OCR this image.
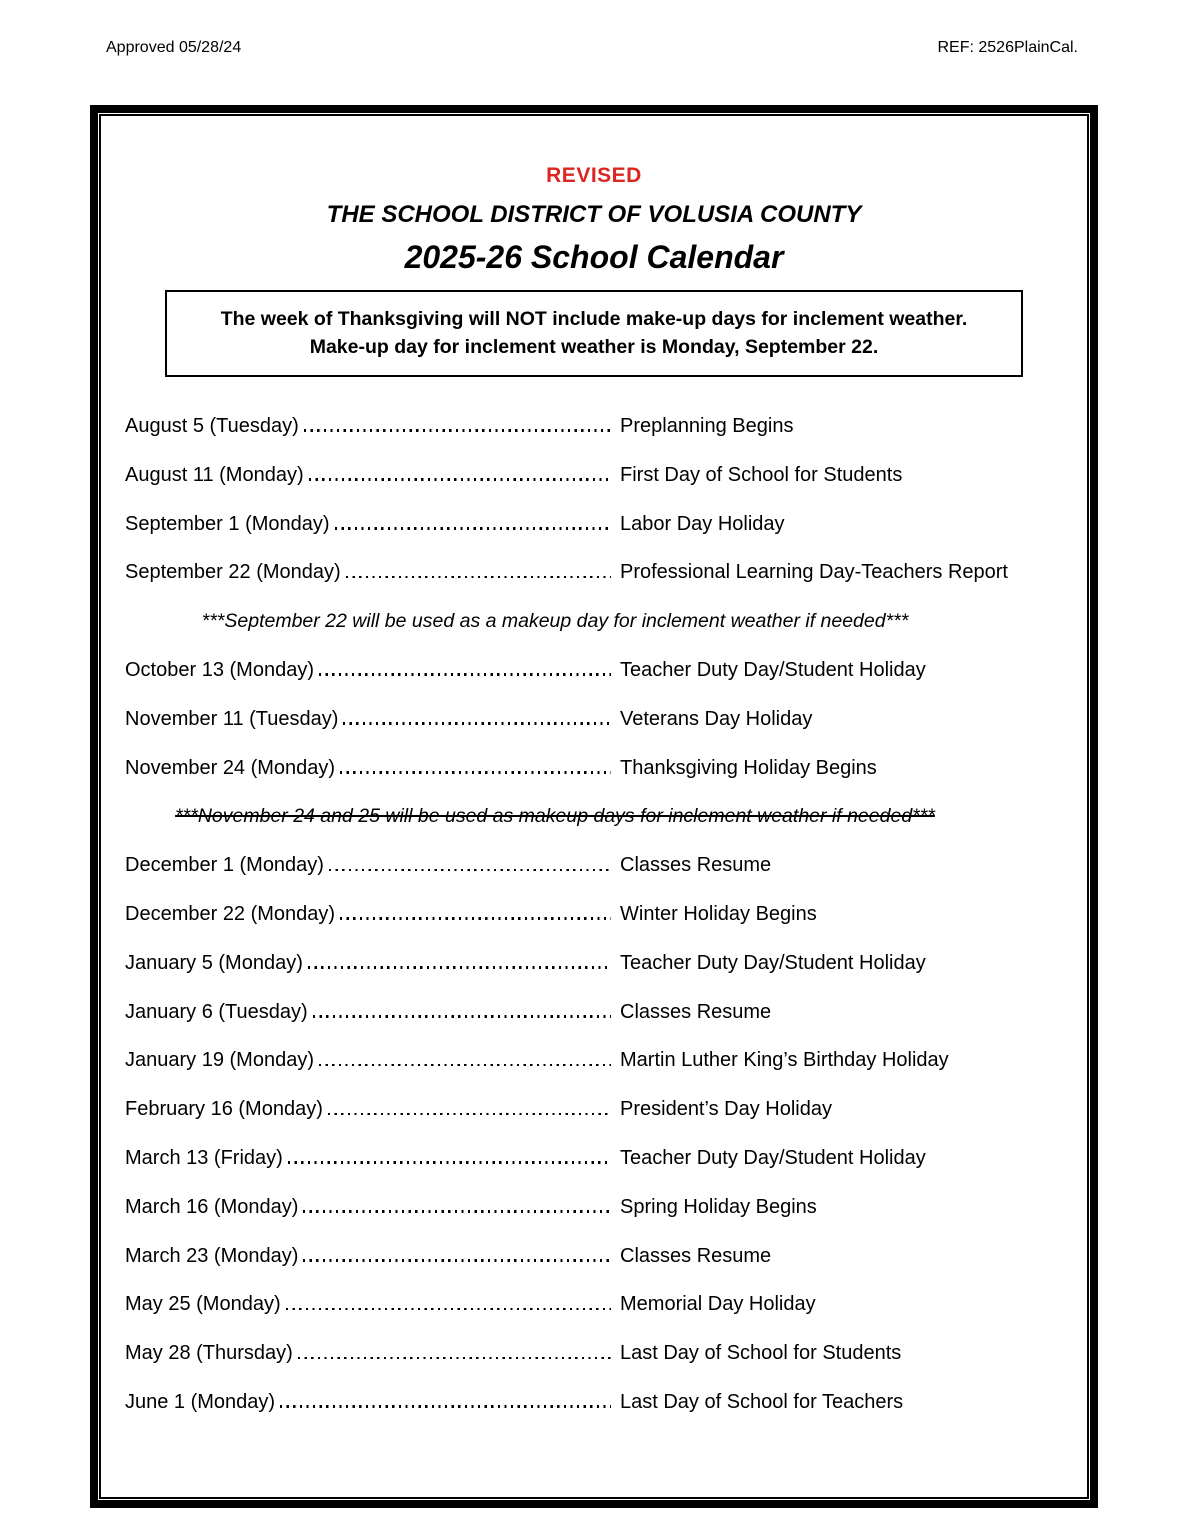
Approved 05/28/24	REF: 2526PlainCal.
REVISED
THE SCHOOL DISTRICT OF VOLUSIA COUNTY
2025-26 School Calendar
The week of Thanksgiving will NOT include make-up days for inclement weather.
Make-up day for inclement weather is Monday, September 22.
August 5 (Tuesday)	Preplanning Begins
August 11 (Monday)	First Day of School for Students
September 1 (Monday)	Labor Day Holiday
September 22 (Monday)	Professional Learning Day-Teachers Report
***September 22 will be used as a makeup day for inclement weather if needed***
October 13 (Monday)	Teacher Duty Day/Student Holiday
November 11 (Tuesday)	Veterans Day Holiday
November 24 (Monday)	Thanksgiving Holiday Begins
***November 24 and 25 will be used as makeup days for inclement weather if needed***
December 1 (Monday)	Classes Resume
December 22 (Monday)	Winter Holiday Begins
January 5 (Monday)	Teacher Duty Day/Student Holiday
January 6 (Tuesday)	Classes Resume
January 19 (Monday)	Martin Luther King’s Birthday Holiday
February 16 (Monday)	President’s Day Holiday
March 13 (Friday)	Teacher Duty Day/Student Holiday
March 16 (Monday)	Spring Holiday Begins
March 23 (Monday)	Classes Resume
May 25 (Monday)	Memorial Day Holiday
May 28 (Thursday)	Last Day of School for Students
June 1 (Monday)	Last Day of School for Teachers
